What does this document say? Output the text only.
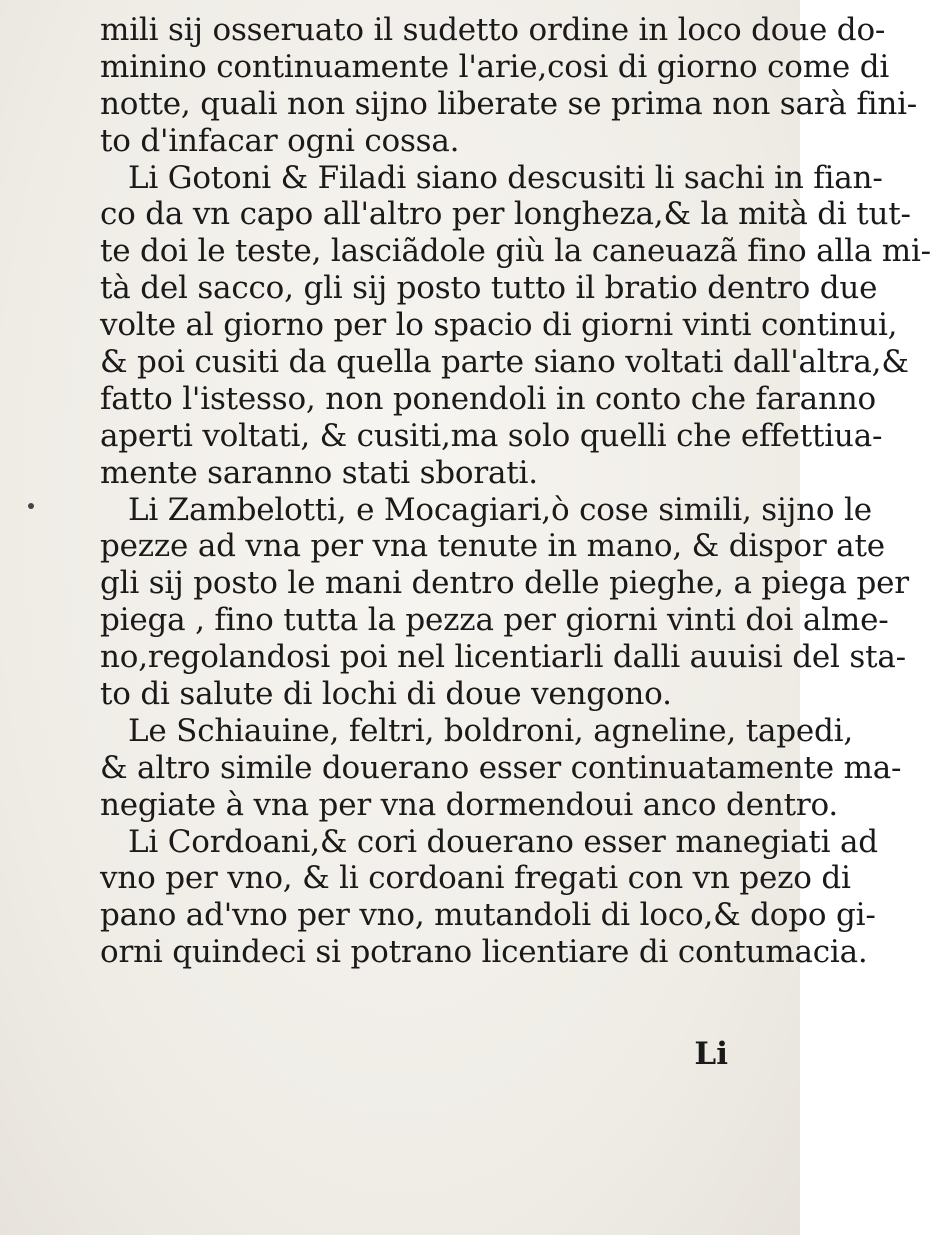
mili sij osseruato il sudetto ordine in loco doue do-
minino continuamente l'arie,cosi di giorno come di
notte, quali non sijno liberate se prima non sarà fini-
to d'infacar ogni cossa.
Li Gotoni & Filadi siano descusiti li sachi in fian-
co da vn capo all'altro per longheza,& la mità di tut-
te doi le teste, lasciãdole giù la caneuazã fino alla mi-
tà del sacco, gli sij posto tutto il bratio dentro due
volte al giorno per lo spacio di giorni vinti continui,
& poi cusiti da quella parte siano voltati dall'altra,&
fatto l'istesso, non ponendoli in conto che faranno
aperti voltati, & cusiti,ma solo quelli che effettiua-
mente saranno stati sborati.
Li Zambelotti, e Mocagiari,ò cose simili, sijno le
pezze ad vna per vna tenute in mano, & dispor ate
gli sij posto le mani dentro delle pieghe, a piega per
piega , fino tutta la pezza per giorni vinti doi alme-
no,regolandosi poi nel licentiarli dalli auuisi del sta-
to di salute di lochi di doue vengono.
Le Schiauine, feltri, boldroni, agneline, tapedi,
& altro simile douerano esser continuatamente ma-
negiate à vna per vna dormendoui anco dentro.
Li Cordoani,& cori douerano esser manegiati ad
vno per vno, & li cordoani fregati con vn pezo di
pano ad'vno per vno, mutandoli di loco,& dopo gi-
orni quindeci si potrano licentiare di contumacia.
Li
